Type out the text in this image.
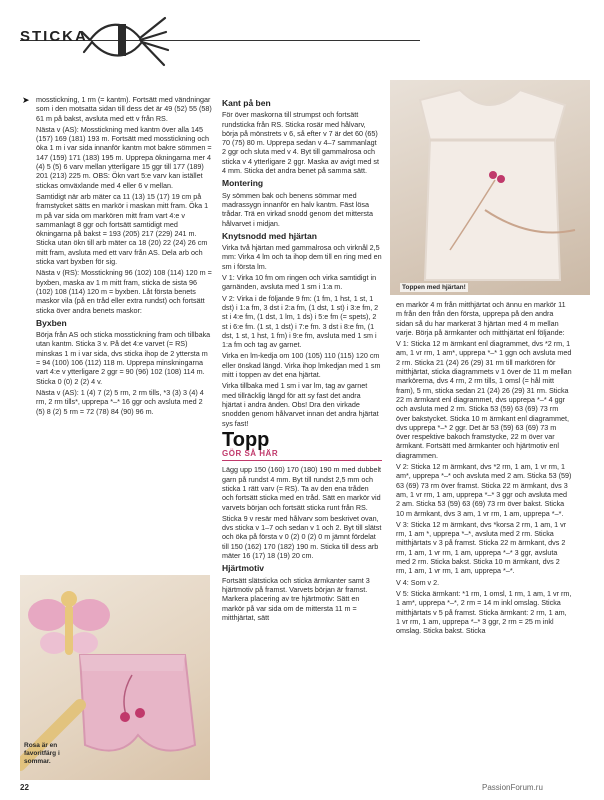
STICKA
➤ mosstickning, 1 rm (= kantm). Fortsätt med vändningar som i den motsatta sidan till dess det är 49 (52) 55 (58) 61 m på bakst, avsluta med ett v från RS.

Nästa v (AS): Mosstickning med kantm över alla 145 (157) 169 (181) 193 m. Fortsätt med mosstickning och öka 1 m i var sida innanför kantm mot bakre sömmen = 147 (159) 171 (183) 195 m. Upprepa ökningarna mer 4 (4) 5 (5) 6 varv mellan ytterligare 15 ggr till 177 (189) 201 (213) 225 m. OBS: Ökn vart 5:e varv kan istället stickas omväxlande med 4 eller 6 v mellan.

Samtidigt när arb mäter ca 11 (13) 15 (17) 19 cm på framstycket sätts en markör i maskan mitt fram. Öka 1 m på var sida om markören mitt fram vart 4:e v sammanlagt 8 ggr och fortsätt samtidigt med ökningarna på bakst = 193 (205) 217 (229) 241 m. Sticka utan ökn till arb mäter ca 18 (20) 22 (24) 26 cm mitt fram, avsluta med ett varv från AS. Dela arb och sticka vart byxben för sig.

Nästa v (RS): Mosstickning 96 (102) 108 (114) 120 m = byxben, maska av 1 m mitt fram, sticka de sista 96 (102) 108 (114) 120 m = byxben. Låt första benets maskor vila (på en tråd eller extra rundst) och fortsätt sticka över andra benets maskor:

Byxben

Börja från AS och sticka mosstickning fram och tillbaka utan kantm. Sticka 3 v. På det 4:e varvet (= RS) minskas 1 m i var sida, dvs sticka ihop de 2 yttersta m = 94 (100) 106 (112) 118 m. Upprepa minskningarna vart 4:e v ytterligare 2 ggr = 90 (96) 102 (108) 114 m. Sticka 0 (0) 2 (2) 4 v.

Nästa v (AS): 1 (4) 7 (2) 5 rm, 2 rm tills, *3 (3) 3 (4) 4 rm, 2 rm tills*, upprepa *–* 16 ggr och avsluta med 2 (5) 8 (2) 5 rm = 72 (78) 84 (90) 96 m.

Kant på ben

För över maskorna till strumpst och fortsätt rundsticka från RS. Sticka rosär med hålvarv, börja på mönstrets v 6, så efter v 7 är det 60 (65) 70 (75) 80 m. Upprepa sedan v 4–7 sammanlagt 2 ggr och sluta med v 4. Byt till gammalrosa och sticka v 4 ytterligare 2 ggr. Maska av avigt med st 4 mm. Sticka det andra benet på samma sätt.

Montering

Sy sömmen bak och benens sömmar med madrassygn innanför en halv kantm. Fäst lösa trådar. Trä en virkad snodd genom det mittersta hålvarvet i midjan.

Knytsnodd med hjärtan

Virka två hjärtan med gammalrosa och virknål 2,5 mm: Virka 4 lm och ta ihop dem till en ring med en sm i första lm.

V 1: Virka 10 fm om ringen och virka samtidigt in garnänden, avsluta med 1 sm i 1:a m.

V 2: Virka i de följande 9 fm: (1 fm, 1 hst, 1 st, 1 dst) i 1:a fm, 3 dst i 2:a fm, (1 dst, 1 st) i 3:e fm, 2 st i 4:e fm, (1 dst, 1 lm, 1 ds) i 5:e fm (= spets), 2 st i 6:e fm. (1 st, 1 dst) i 7:e fm. 3 dst i 8:e fm, (1 dst, 1 st, 1 hst, 1 fm) i 9:e fm, avsluta med 1 sm i 1:a fm och tag av garnet.

Virka en lm-kedja om 100 (105) 110 (115) 120 cm eller önskad längd. Virka ihop lmkedjan med 1 sm mitt i toppen av det ena hjärtat.

Virka tillbaka med 1 sm i var lm, tag av garnet med tillräcklig längd för att sy fast det andra hjärtat i andra änden. Obs! Dra den virkade snodden genom hålvarvet innan det andra hjärtat sys fast!

Topp
GÖR SÅ HÄR

Lägg upp 150 (160) 170 (180) 190 m med dubbelt garn på rundst 4 mm. Byt till rundst 2,5 mm och sticka 1 rätt varv (= RS). Ta av den ena tråden och fortsätt sticka med en tråd. Sätt en markör vid varvets början och fortsätt sticka runt från RS.

Sticka 9 v resär med hålvarv som beskrivet ovan, dvs sticka v 1–7 och sedan v 1 och 2. Byt till slätst och öka på första v 0 (2) 0 (2) 0 m jämnt fördelat till 150 (162) 170 (182) 190 m. Sticka till dess arb mäter 16 (17) 18 (19) 20 cm.

Hjärtmotiv

Fortsätt slätsticka och sticka ärmkanter samt 3 hjärtmotiv på framst. Varvets början är framst. Markera placering av tre hjärtmotiv: Sätt en markör på var sida om de mittersta 11 m = mitthjärtat, sätt

en markör 4 m från mitthjärtat och ännu en markör 11 m från den från den första, upprepa på den andra sidan så du har markerat 3 hjärtan med 4 m mellan varje. Börja på ärmkanter och mitthjärtat enl följande:

V 1: Sticka 12 m ärmkant enl diagrammet, dvs *2 rm, 1 am, 1 vr rm, 1 am*, upprepa *–* 1 ggn och avsluta med 2 rm. Sticka 21 (24) 26 (29) 31 rm till markören för mitthjärtat, sticka diagrammets v 1 över de 11 m mellan markörerna, dvs 4 rm, 2 rm tills, 1 omsl (= hål mitt fram), 5 rm, sticka sedan 21 (24) 26 (29) 31 rm. Sticka 22 m ärmkant enl diagrammet, dvs upprepa *–* 4 ggr och avsluta med 2 rm. Sticka 53 (59) 63 (69) 73 rm över bakstycket. Sticka 10 m ärmkant enl diagrammet, dvs upprepa *–* 2 ggr. Det är 53 (59) 63 (69) 73 m över respektive bakoch framstycke, 22 m över var ärmkant. Fortsätt med ärmkanter och hjärtmotiv enl diagrammen.

V 2: Sticka 12 m ärmkant, dvs *2 rm, 1 am, 1 vr rm, 1 am*, upprepa *–* och avsluta med 2 am. Sticka 53 (59) 63 (69) 73 rm över framst. Sticka 22 m ärmkant, dvs 3 am, 1 vr rm, 1 am, upprepa *–* 3 ggr och avsluta med 2 am. Sticka 53 (59) 63 (69) 73 rm över bakst. Sticka 10 m ärmkant, dvs 3 am, 1 vr rm, 1 am, upprepa *–*.

V 3: Sticka 12 m ärmkant, dvs *korsa 2 rm, 1 am, 1 vr rm, 1 am *, upprepa *–*, avsluta med 2 rm. Sticka mitthjärtats v 3 på framst. Sticka 22 m ärmkant, dvs 2 rm, 1 am, 1 vr rm, 1 am, upprepa *–* 3 ggr, avsluta med 2 rm. Sticka bakst. Sticka 10 m ärmkant, dvs 2 rm, 1 am, 1 vr rm, 1 am, upprepa *–*.

V 4: Som v 2.

V 5: Sticka ärmkant: *1 rm, 1 omsl, 1 rm, 1 am, 1 vr rm, 1 am*, upprepa *–*, 2 rm = 14 m inkl omslag. Sticka mitthjärtats v 5 på framst. Sticka ärmkant: 2 rm, 1 am, 1 vr rm, 1 am, upprepa *–* 3 ggr, 2 rm = 25 m inkl omslag. Sticka bakst. Sticka

Toppen med hjärtan!
Rosa är en favoritfärg i sommar.
22	PassionForum.ru
